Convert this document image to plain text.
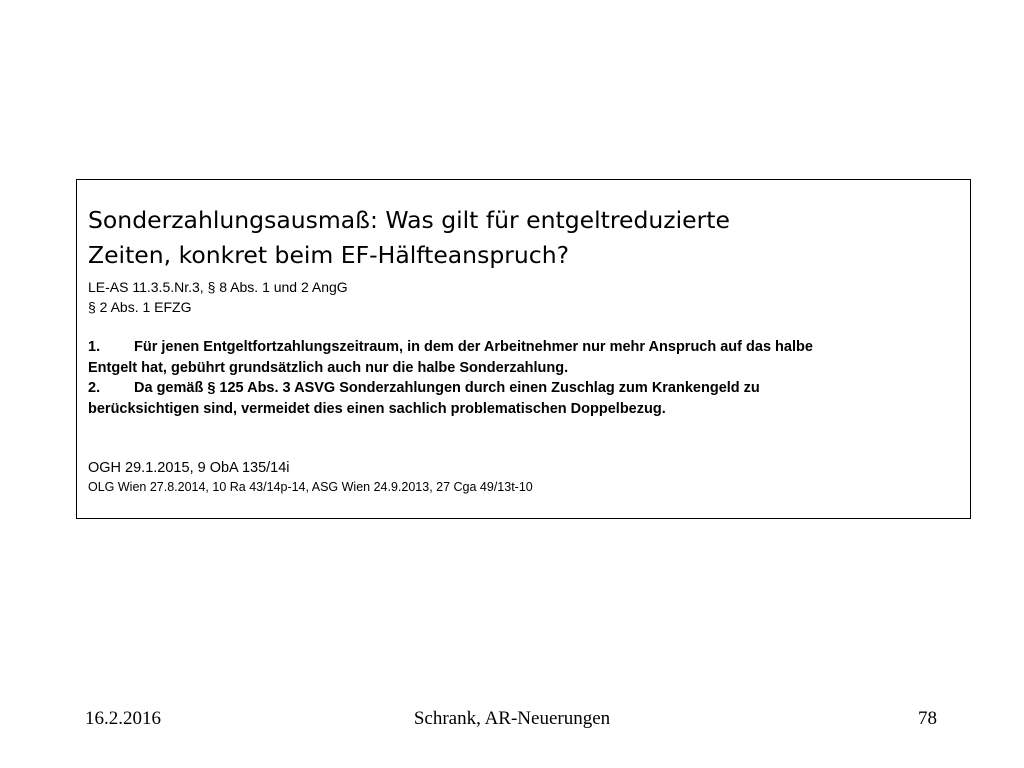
Sonderzahlungsausmaß: Was gilt für entgeltreduzierte
Zeiten, konkret beim EF-Hälfteanspruch?
LE-AS 11.3.5.Nr.3, § 8 Abs. 1 und 2 AngG
§ 2 Abs. 1 EFZG
1. Für jenen Entgeltfortzahlungszeitraum, in dem der Arbeitnehmer nur mehr Anspruch auf das halbe
Entgelt hat, gebührt grundsätzlich auch nur die halbe Sonderzahlung.
2. Da gemäß § 125 Abs. 3 ASVG Sonderzahlungen durch einen Zuschlag zum Krankengeld zu
berücksichtigen sind, vermeidet dies einen sachlich problematischen Doppelbezug.
OGH 29.1.2015, 9 ObA 135/14i
OLG Wien 27.8.2014, 10 Ra 43/14p-14, ASG Wien 24.9.2013, 27 Cga 49/13t-10
16.2.2016	Schrank, AR-Neuerungen	78
